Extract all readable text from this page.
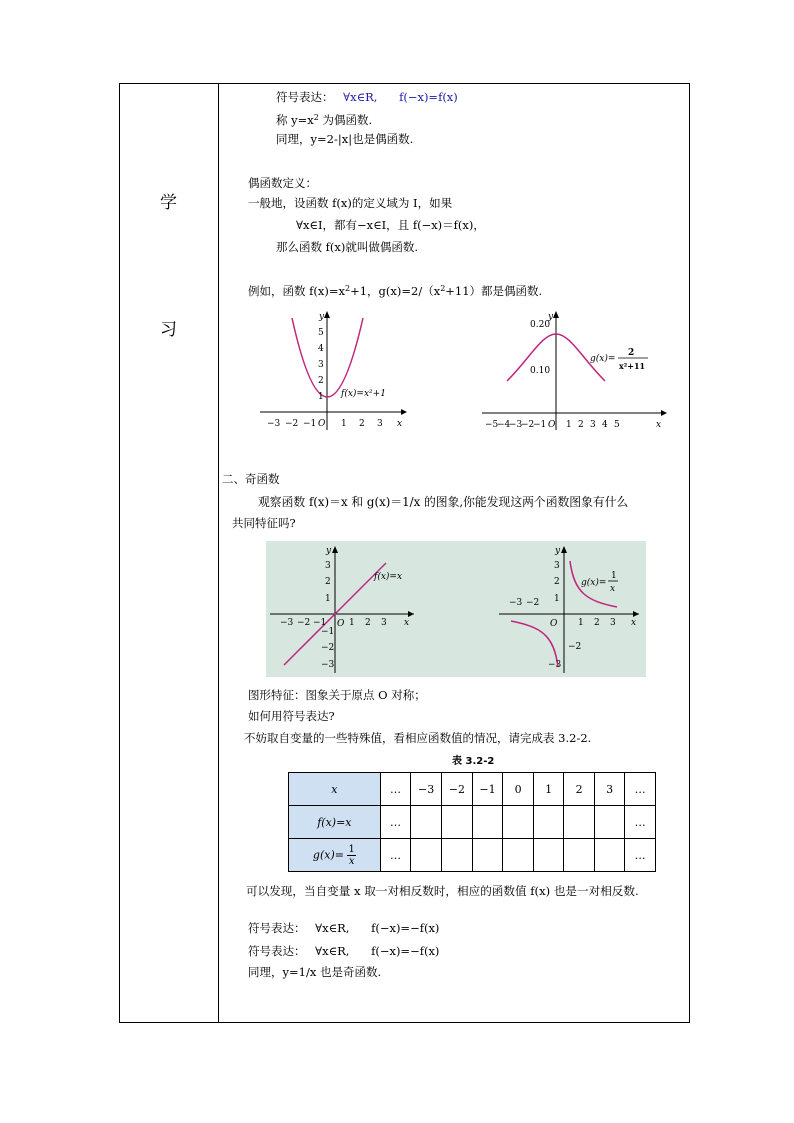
学
习
符号表达： ∀x∈R, f(−x)=f(x)
称 $y=x^2$ 为偶函数.
同理，y=2-|x|也是偶函数.
偶函数定义：
一般地，设函数 f(x)的定义域为 I，如果
∀x∈I，都有−x∈I，且 f(−x)＝f(x)，
那么函数 f(x)就叫做偶函数.
例如，函数 $f(x)=x^2+1$，$g(x)=2/(x^2+11)$都是偶函数.
y
x
O
1
2
3
4
5
−3 −2 −1	1 2 3
f(x)=x²+1
y
x
O
0.10
0.20
−5
−4
−3
−2
−1 1 2 3 4 5
g(x)=
2
x²+11
二、奇函数
观察函数 f(x)＝x 和 g(x)＝1/x 的图象,你能发现这两个函数图象有什么
共同特征吗?
y
x
O
3
2
1
−1
−2
−3
−3 −2 −1	1 2 3
f(x)=x
y
x
O
3
2
1
−2
−3
−3 −2
1 2 3
g(x)=
1
x
图形特征：图象关于原点 O 对称；
如何用符号表达?
不妨取自变量的一些特殊值，看相应函数值的情况，请完成表 3.2-2.
表 3.2-2
x	…	−3	−2	−1	0	1	2	3	…
f(x)=x	…								…
$g(x)= \frac{1}{x}$	…								…
可以发现，当自变量 x 取一对相反数时，相应的函数值 f(x) 也是一对相反数.
符号表达： ∀x∈R, f(−x)=−f(x)
符号表达： ∀x∈R, f(−x)=−f(x)
同理，y=1/x 也是奇函数.
